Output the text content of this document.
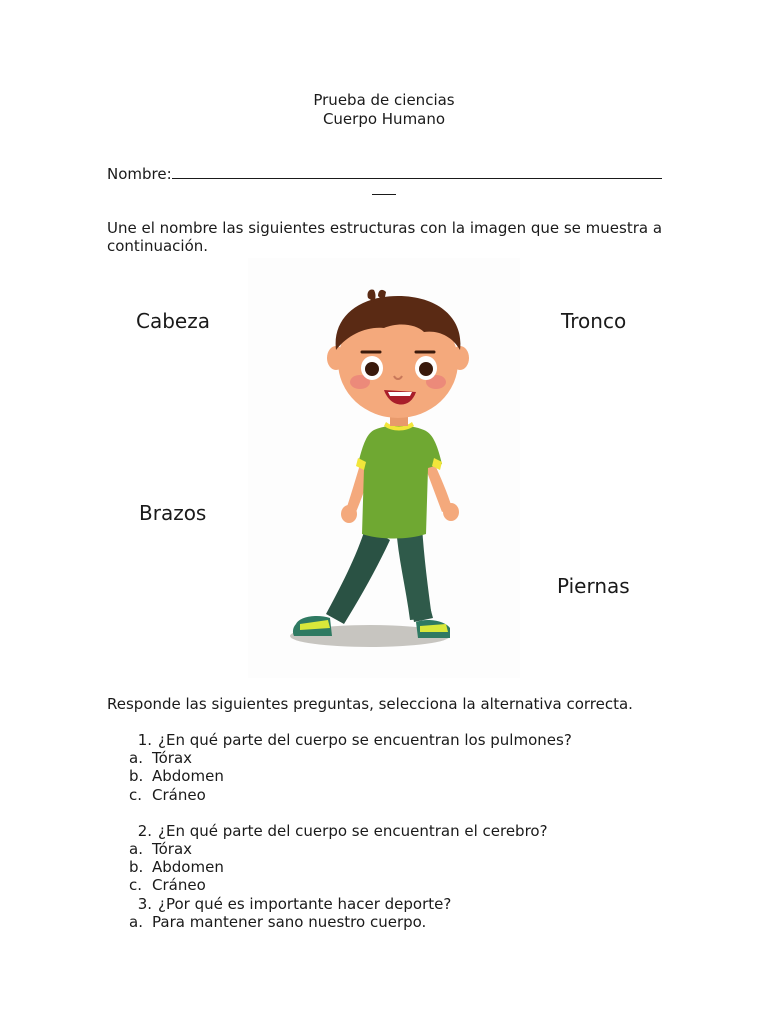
Prueba de ciencias
Cuerpo Humano
Nombre:
Une el nombre las siguientes estructuras con la imagen que se muestra a continuación.
Cabeza	Tronco
Brazos
Piernas
Responde las siguientes preguntas, selecciona la alternativa correcta.
1. ¿En qué parte del cuerpo se encuentran los pulmones?
a. Tórax
b. Abdomen
c. Cráneo
2. ¿En qué parte del cuerpo se encuentran el cerebro?
a. Tórax
b. Abdomen
c. Cráneo
3. ¿Por qué es importante hacer deporte?
a. Para mantener sano nuestro cuerpo.
